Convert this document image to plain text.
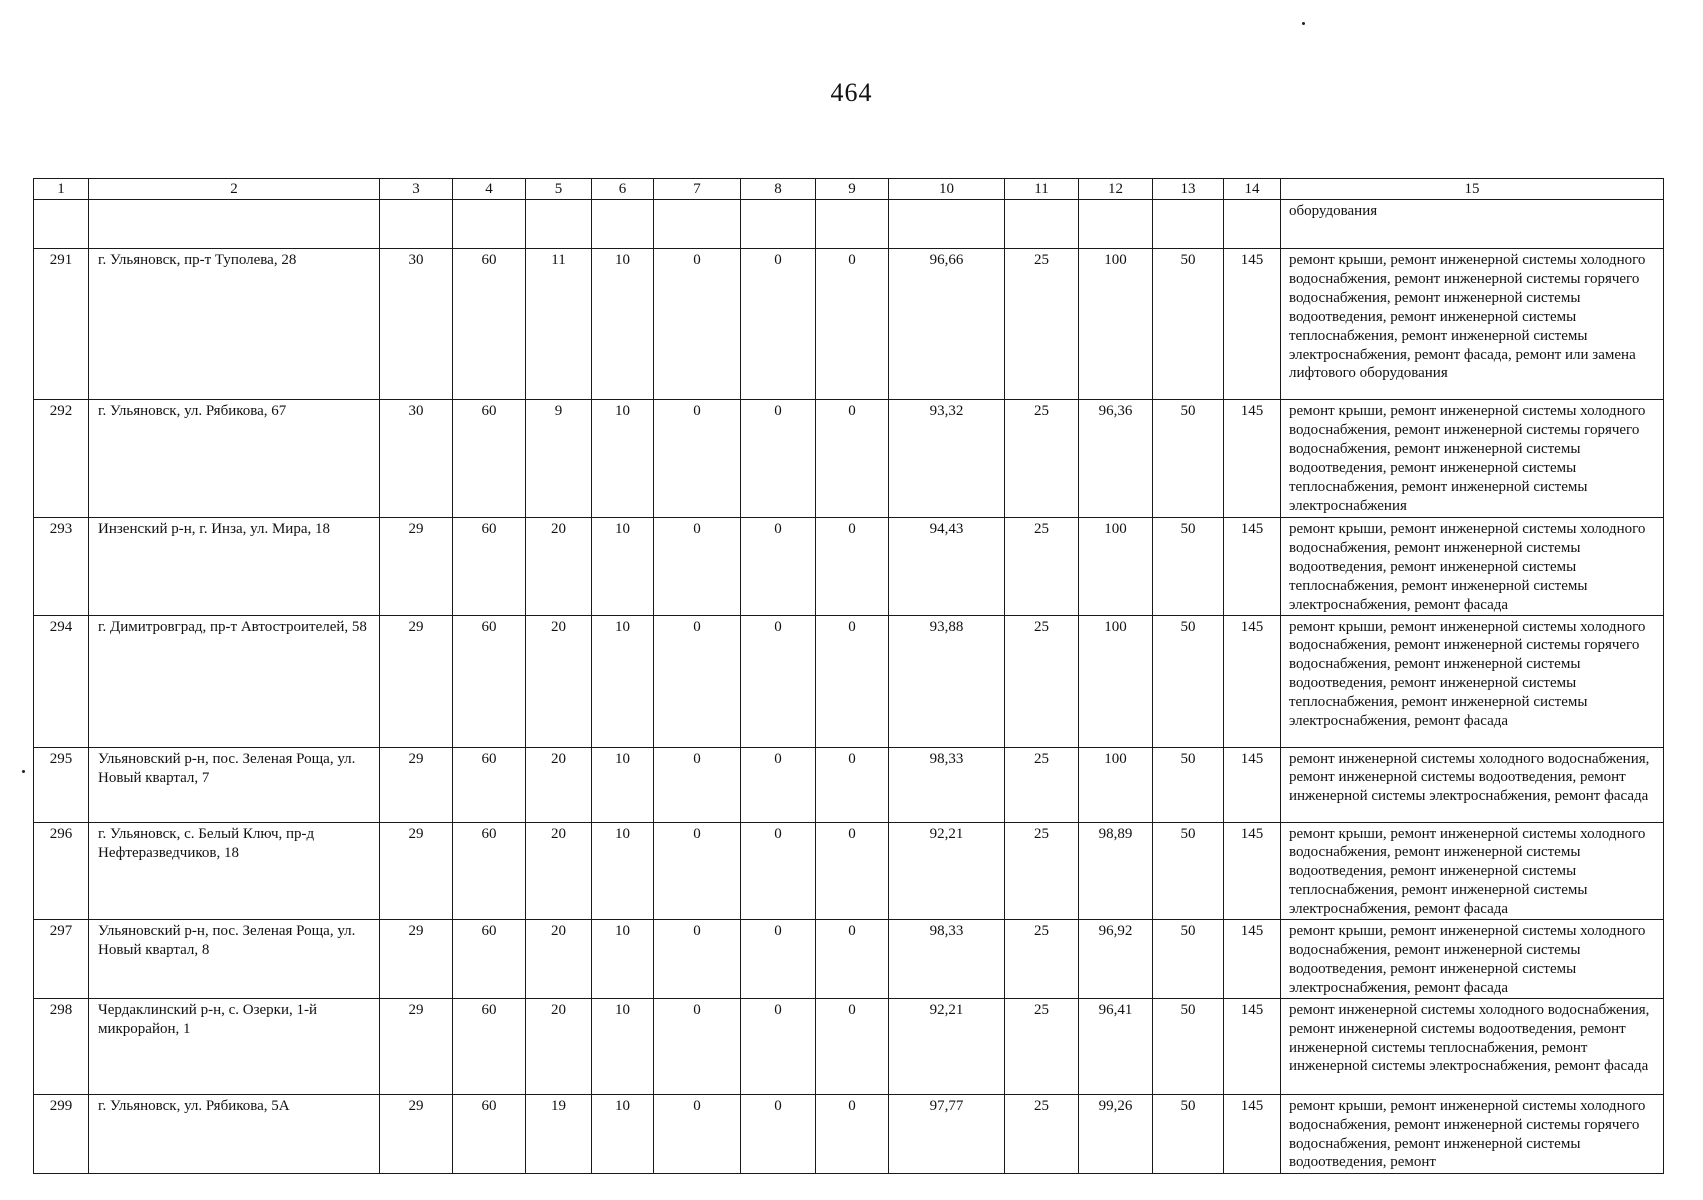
464
1	2	3	4	5	6	7	8	9	10	11	12	13	14	15
														оборудования
291	г. Ульяновск, пр-т Туполева, 28	30	60	11	10	0	0	0	96,66	25	100	50	145	ремонт крыши, ремонт инженерной системы холодного водоснабжения, ремонт инженерной системы горячего водоснабжения, ремонт инженерной системы водоотведения, ремонт инженерной системы теплоснабжения, ремонт инженерной системы электроснабжения, ремонт фасада, ремонт или замена лифтового оборудования
292	г. Ульяновск, ул. Рябикова, 67	30	60	9	10	0	0	0	93,32	25	96,36	50	145	ремонт крыши, ремонт инженерной системы холодного водоснабжения, ремонт инженерной системы горячего водоснабжения, ремонт инженерной системы водоотведения, ремонт инженерной системы теплоснабжения, ремонт инженерной системы электроснабжения
293	Инзенский р-н, г. Инза, ул. Мира, 18	29	60	20	10	0	0	0	94,43	25	100	50	145	ремонт крыши, ремонт инженерной системы холодного водоснабжения, ремонт инженерной системы водоотведения, ремонт инженерной системы теплоснабжения, ремонт инженерной системы электроснабжения, ремонт фасада
294	г. Димитровград, пр-т Автостроителей, 58	29	60	20	10	0	0	0	93,88	25	100	50	145	ремонт крыши, ремонт инженерной системы холодного водоснабжения, ремонт инженерной системы горячего водоснабжения, ремонт инженерной системы водоотведения, ремонт инженерной системы теплоснабжения, ремонт инженерной системы электроснабжения, ремонт фасада
295	Ульяновский р-н, пос. Зеленая Роща, ул. Новый квартал, 7	29	60	20	10	0	0	0	98,33	25	100	50	145	ремонт инженерной системы холодного водоснабжения, ремонт инженерной системы водоотведения, ремонт инженерной системы электроснабжения, ремонт фасада
296	г. Ульяновск, с. Белый Ключ, пр-д Нефтеразведчиков, 18	29	60	20	10	0	0	0	92,21	25	98,89	50	145	ремонт крыши, ремонт инженерной системы холодного водоснабжения, ремонт инженерной системы водоотведения, ремонт инженерной системы теплоснабжения, ремонт инженерной системы электроснабжения, ремонт фасада
297	Ульяновский р-н, пос. Зеленая Роща, ул. Новый квартал, 8	29	60	20	10	0	0	0	98,33	25	96,92	50	145	ремонт крыши, ремонт инженерной системы холодного водоснабжения, ремонт инженерной системы водоотведения, ремонт инженерной системы электроснабжения, ремонт фасада
298	Чердаклинский р-н, с. Озерки, 1-й микрорайон, 1	29	60	20	10	0	0	0	92,21	25	96,41	50	145	ремонт инженерной системы холодного водоснабжения, ремонт инженерной системы водоотведения, ремонт инженерной системы теплоснабжения, ремонт инженерной системы электроснабжения, ремонт фасада
299	г. Ульяновск, ул. Рябикова, 5А	29	60	19	10	0	0	0	97,77	25	99,26	50	145	ремонт крыши, ремонт инженерной системы холодного водоснабжения, ремонт инженерной системы горячего водоснабжения, ремонт инженерной системы водоотведения, ремонт
